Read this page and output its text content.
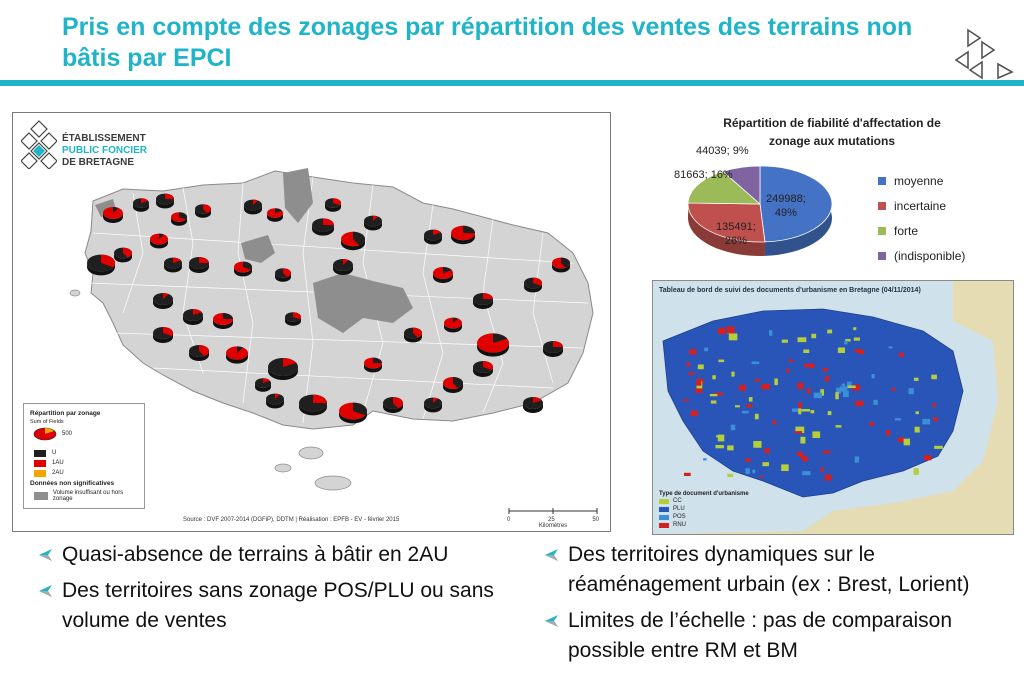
Pris en compte des zonages par répartition des ventes des terrains non bâtis par EPCI
ÉTABLISSEMENT
PUBLIC FONCIER
DE BRETAGNE
Répartition par zonage
Sum of Fields
500
U
1AU
2AU
Données non significatives
Volume insuffisant ou hors zonage
Source : DVF 2007-2014 (DGFiP), DDTM | Réalisation : EPFB - EV - février 2015	0	25	50
Kilomètres
Répartition de fiabilité d'affectation de
zonage aux mutations
249988;
49%
135491;
26%
81663; 16%
44039; 9%
moyenne
incertaine
forte
(indisponible)
Tableau de bord de suivi des documents d'urbanisme en Bretagne (04/11/2014)
Type de document d'urbanisme
CC
PLU
POS
RNU
Quasi-absence de terrains à bâtir en 2AU
Des territoires sans zonage POS/PLU ou sans volume de ventes
Des territoires dynamiques sur le réaménagement urbain (ex : Brest, Lorient)
Limites de l’échelle : pas de comparaison possible entre RM et BM
